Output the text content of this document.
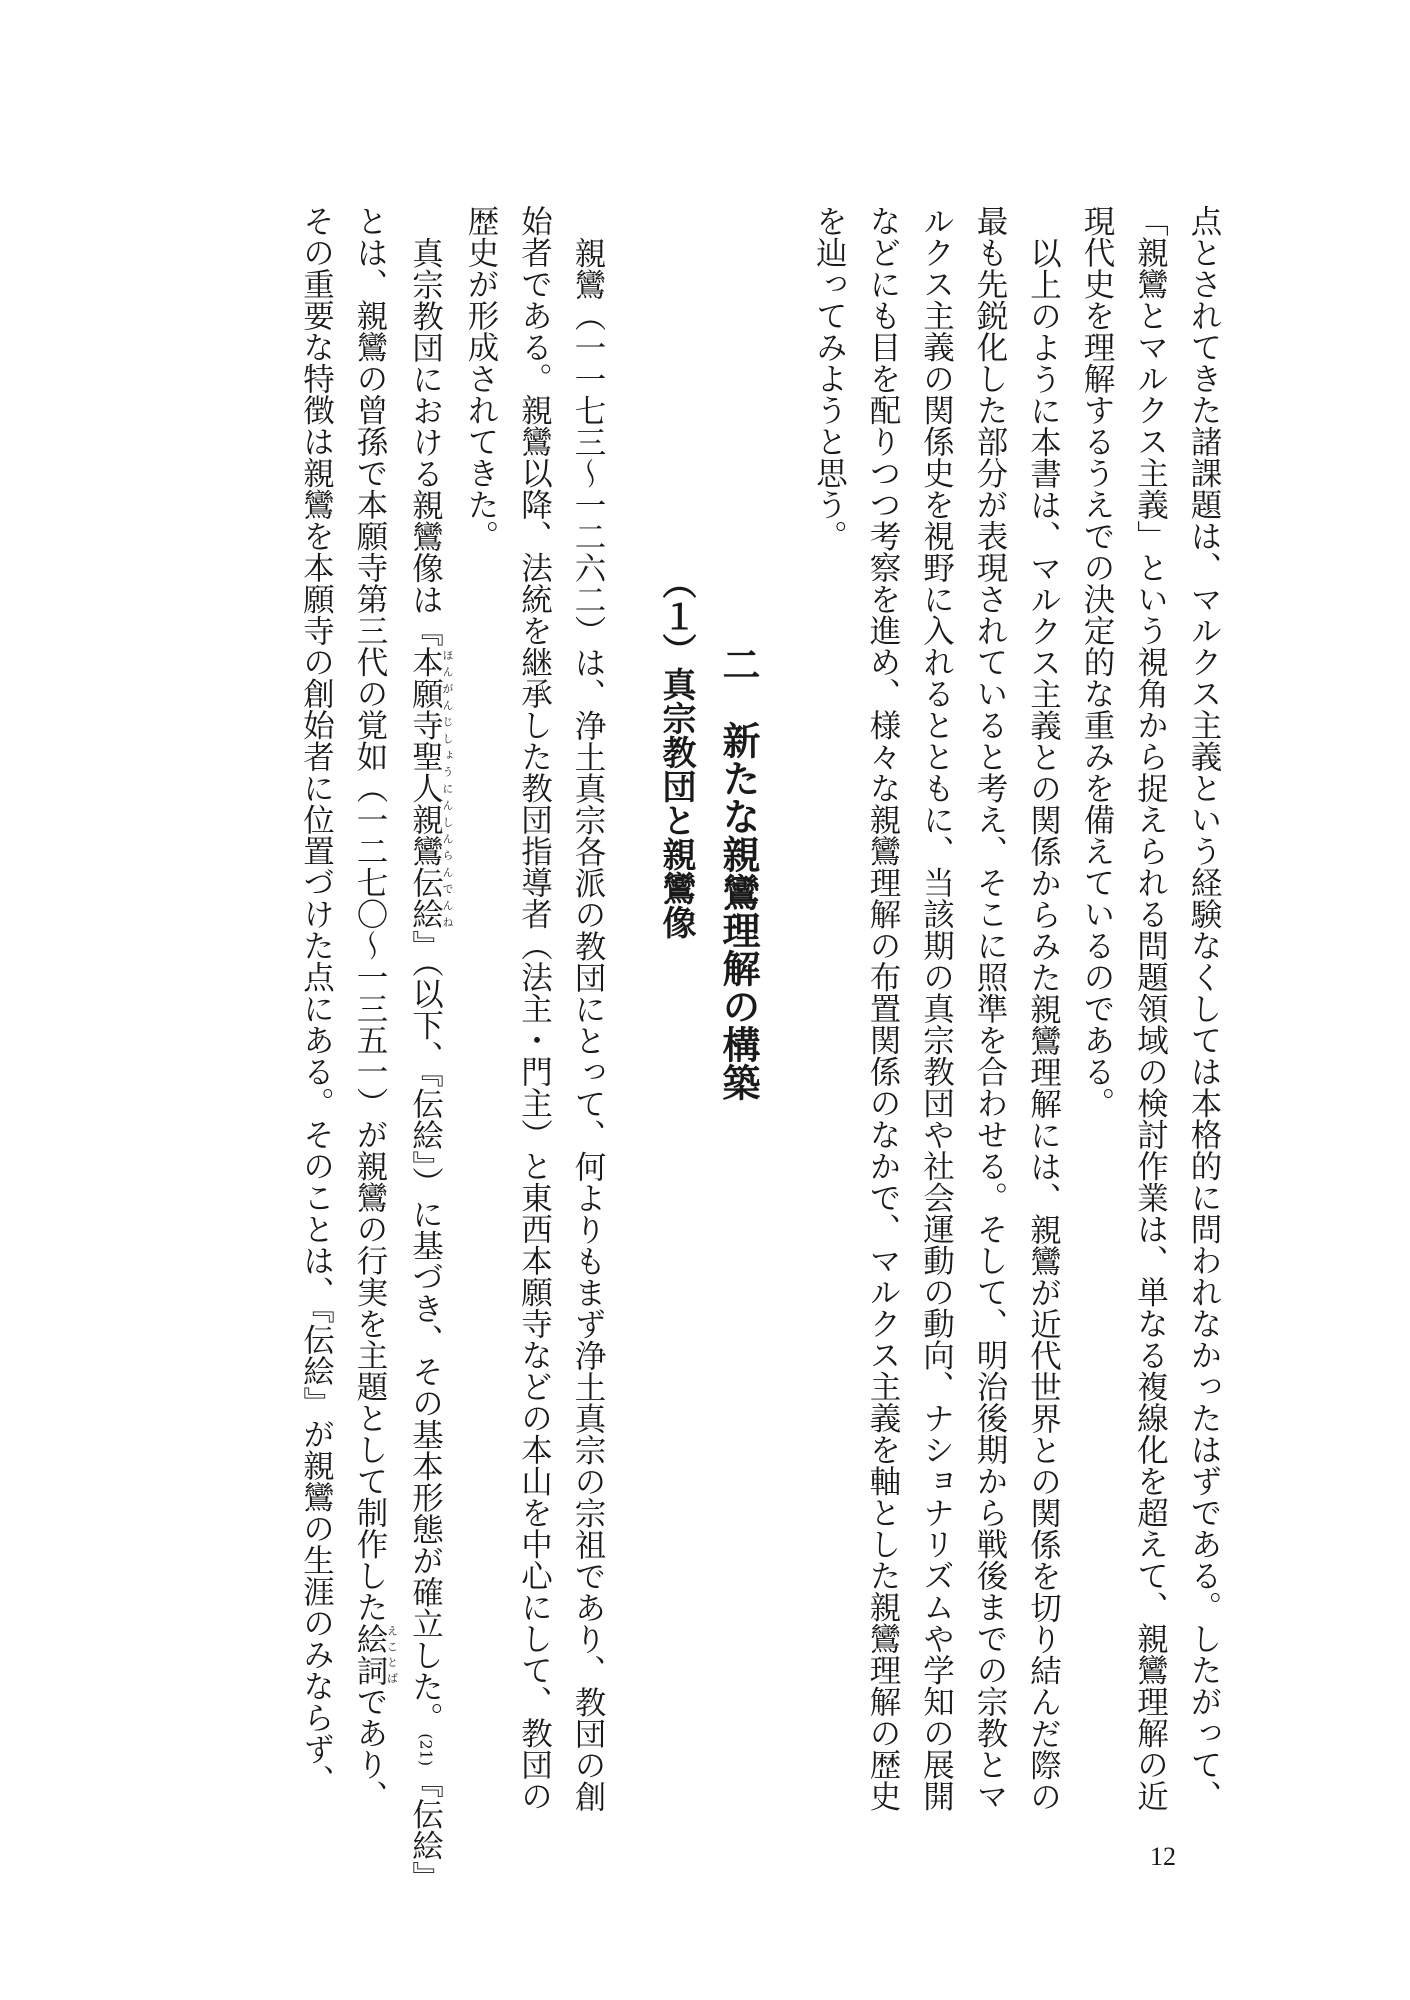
点とされてきた諸課題は、マルクス主義という経験なくしては本格的に問われなかったはずである。したがって、
「親鸞とマルクス主義」という視角から捉えられる問題領域の検討作業は、単なる複線化を超えて、親鸞理解の近
現代史を理解するうえでの決定的な重みを備えているのである。
以上のように本書は、マルクス主義との関係からみた親鸞理解には、親鸞が近代世界との関係を切り結んだ際の
最も先鋭化した部分が表現されていると考え、そこに照準を合わせる。そして、明治後期から戦後までの宗教とマ
ルクス主義の関係史を視野に入れるとともに、当該期の真宗教団や社会運動の動向、ナショナリズムや学知の展開
などにも目を配りつつ考察を進め、様々な親鸞理解の布置関係のなかで、マルクス主義を軸とした親鸞理解の歴史
を辿ってみようと思う。
二　新たな親鸞理解の構築
（１）真宗教団と親鸞像
親鸞（一一七三〜一二六二）は、浄土真宗各派の教団にとって、何よりもまず浄土真宗の宗祖であり、教団の創
始者である。親鸞以降、法統を継承した教団指導者（法主・門主）と東西本願寺などの本山を中心にして、教団の
歴史が形成されてきた。
真宗教団における親鸞像は『本願寺聖人親鸞伝絵ほんがんじしょうにんしんらんでんね』（以下、『伝絵』）に基づき、その基本形態が確立した。(21)『伝絵』
とは、親鸞の曾孫で本願寺第三代の覚如（一二七〇〜一三五一）が親鸞の行実を主題として制作した絵詞えことばであり、
その重要な特徴は親鸞を本願寺の創始者に位置づけた点にある。そのことは、『伝絵』が親鸞の生涯のみならず、
12
